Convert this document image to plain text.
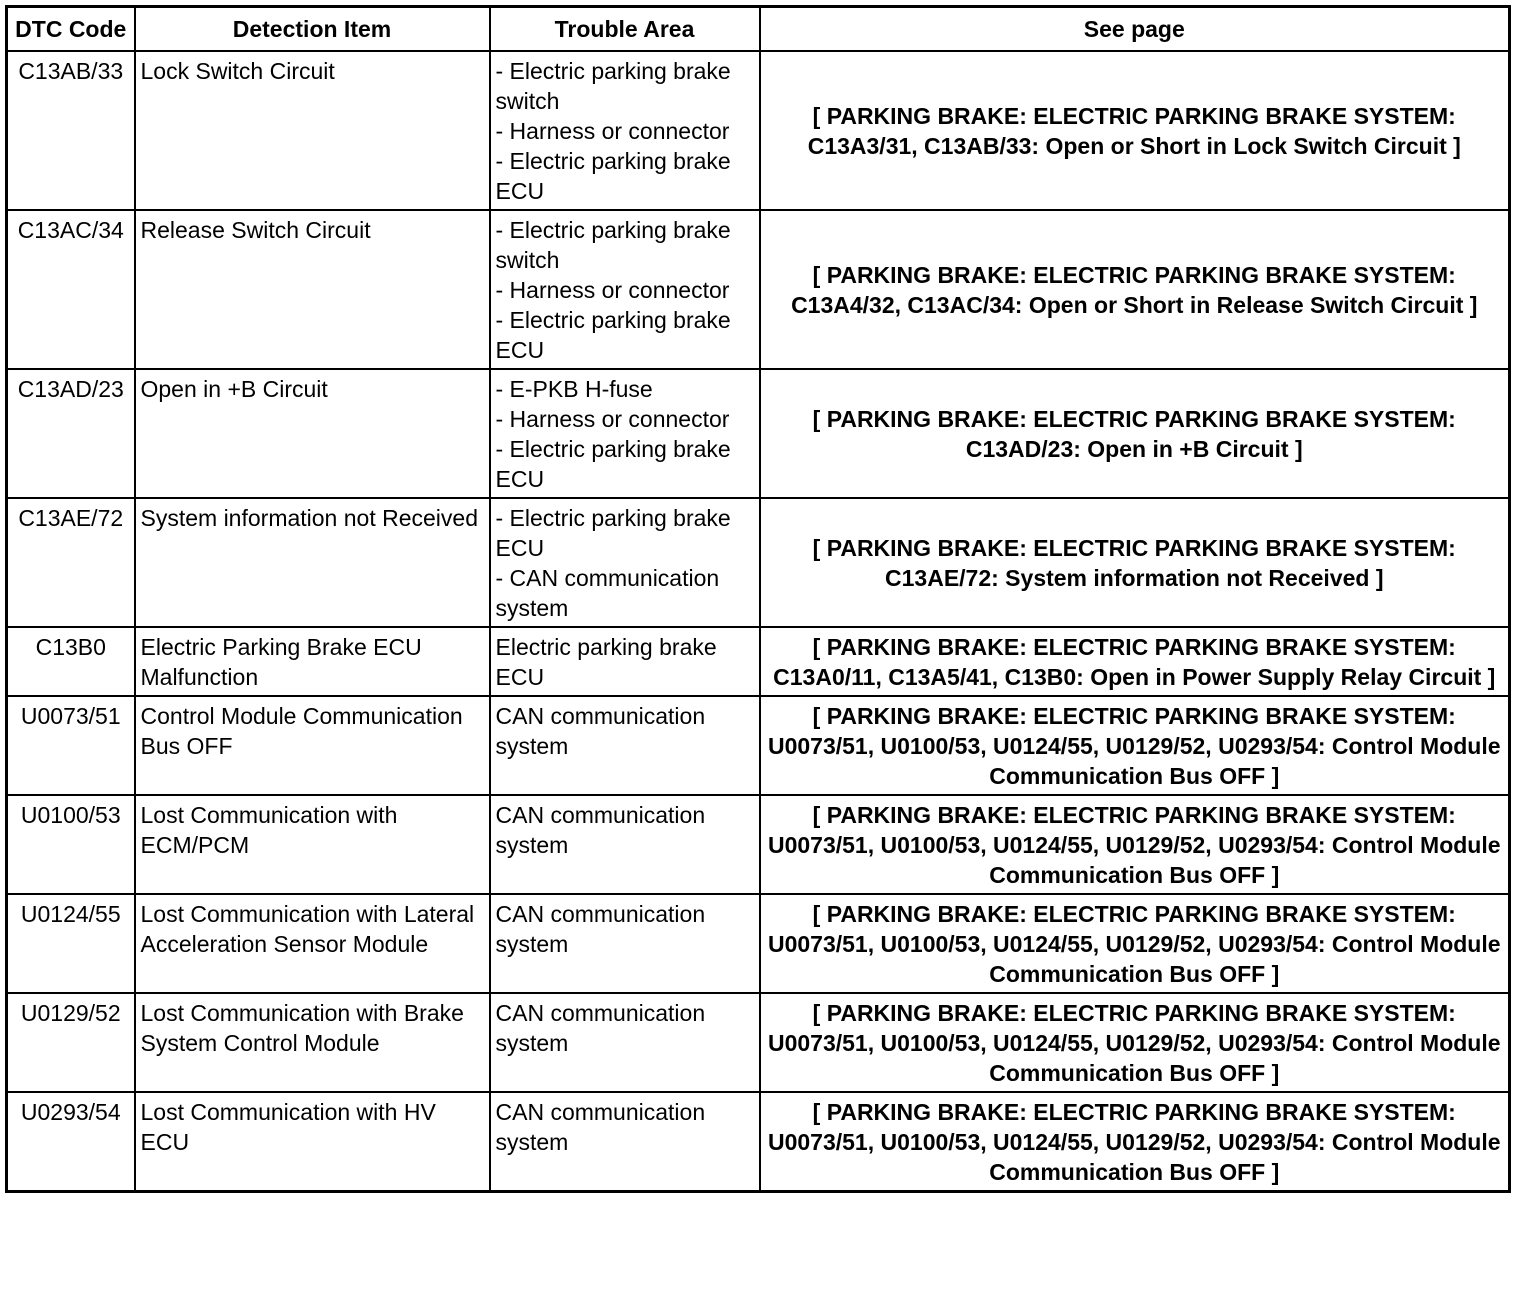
DTC Code	Detection Item	Trouble Area	See page
C13AB/33	Lock Switch Circuit	- Electric parking brake switch
- Harness or connector
- Electric parking brake ECU	[ PARKING BRAKE: ELECTRIC PARKING BRAKE SYSTEM: C13A3/31, C13AB/33: Open or Short in Lock Switch Circuit ]
C13AC/34	Release Switch Circuit	- Electric parking brake switch
- Harness or connector
- Electric parking brake ECU	[ PARKING BRAKE: ELECTRIC PARKING BRAKE SYSTEM: C13A4/32, C13AC/34: Open or Short in Release Switch Circuit ]
C13AD/23	Open in +B Circuit	- E-PKB H-fuse
- Harness or connector
- Electric parking brake ECU	[ PARKING BRAKE: ELECTRIC PARKING BRAKE SYSTEM: C13AD/23: Open in +B Circuit ]
C13AE/72	System information not Received	- Electric parking brake ECU
- CAN communication system	[ PARKING BRAKE: ELECTRIC PARKING BRAKE SYSTEM: C13AE/72: System information not Received ]
C13B0	Electric Parking Brake ECU Malfunction	Electric parking brake ECU	[ PARKING BRAKE: ELECTRIC PARKING BRAKE SYSTEM: C13A0/11, C13A5/41, C13B0: Open in Power Supply Relay Circuit ]
U0073/51	Control Module Communication Bus OFF	CAN communication system	[ PARKING BRAKE: ELECTRIC PARKING BRAKE SYSTEM: U0073/51, U0100/53, U0124/55, U0129/52, U0293/54: Control Module Communication Bus OFF ]
U0100/53	Lost Communication with ECM/PCM	CAN communication system	[ PARKING BRAKE: ELECTRIC PARKING BRAKE SYSTEM: U0073/51, U0100/53, U0124/55, U0129/52, U0293/54: Control Module Communication Bus OFF ]
U0124/55	Lost Communication with Lateral Acceleration Sensor Module	CAN communication system	[ PARKING BRAKE: ELECTRIC PARKING BRAKE SYSTEM: U0073/51, U0100/53, U0124/55, U0129/52, U0293/54: Control Module Communication Bus OFF ]
U0129/52	Lost Communication with Brake System Control Module	CAN communication system	[ PARKING BRAKE: ELECTRIC PARKING BRAKE SYSTEM: U0073/51, U0100/53, U0124/55, U0129/52, U0293/54: Control Module Communication Bus OFF ]
U0293/54	Lost Communication with HV ECU	CAN communication system	[ PARKING BRAKE: ELECTRIC PARKING BRAKE SYSTEM: U0073/51, U0100/53, U0124/55, U0129/52, U0293/54: Control Module Communication Bus OFF ]
